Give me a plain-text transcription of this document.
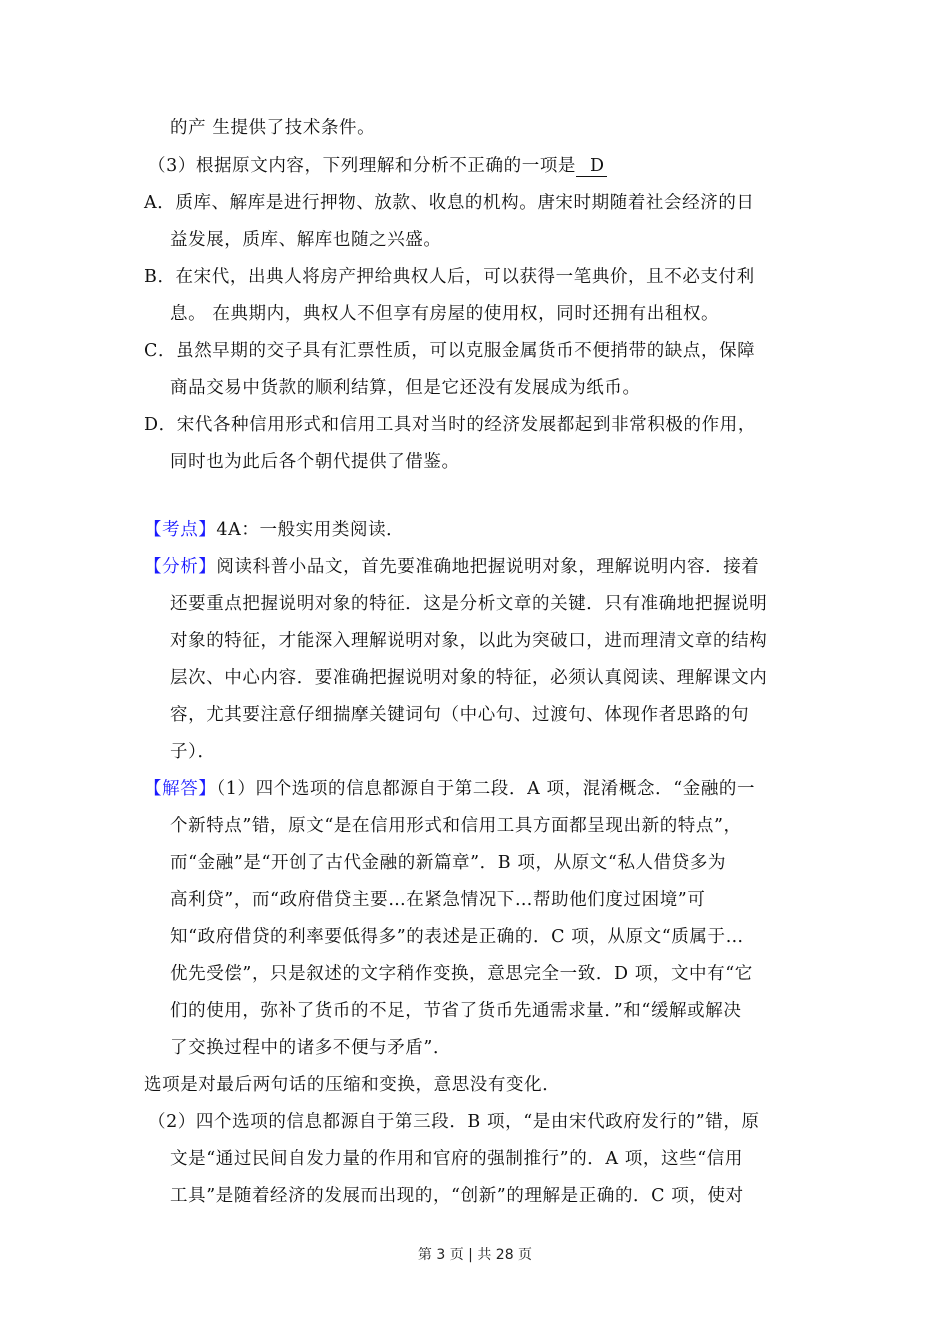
的产 生提供了技术条件。
（3）根据原文内容，下列理解和分析不正确的一项是 D
A．质库、解库是进行押物、放款、收息的机构。唐宋时期随着社会经济的日
益发展，质库、解库也随之兴盛。
B．在宋代，出典人将房产押给典权人后，可以获得一笔典价，且不必支付利
息。 在典期内，典权人不但享有房屋的使用权，同时还拥有出租权。
C．虽然早期的交子具有汇票性质，可以克服金属货币不便捎带的缺点，保障
商品交易中货款的顺利结算，但是它还没有发展成为纸币。
D．宋代各种信用形式和信用工具对当时的经济发展都起到非常积极的作用，
同时也为此后各个朝代提供了借鉴。
【考点】4A：一般实用类阅读．
【分析】阅读科普小品文，首先要准确地把握说明对象，理解说明内容．接着
还要重点把握说明对象的特征．这是分析文章的关键．只有准确地把握说明
对象的特征，才能深入理解说明对象，以此为突破口，进而理清文章的结构
层次、中心内容．要准确把握说明对象的特征，必须认真阅读、理解课文内
容，尤其要注意仔细揣摩关键词句（中心句、过渡句、体现作者思路的句
子）．
【解答】（1）四个选项的信息都源自于第二段．A 项，混淆概念．“金融的一
个新特点”错，原文“是在信用形式和信用工具方面都呈现出新的特点”，
而“金融”是“开创了古代金融的新篇章”．B 项，从原文“私人借贷多为
高利贷”，而“政府借贷主要…在紧急情况下…帮助他们度过困境”可
知“政府借贷的利率要低得多”的表述是正确的．C 项，从原文“质属于…
优先受偿”，只是叙述的文字稍作变换，意思完全一致．D 项，文中有“它
们的使用，弥补了货币的不足，节省了货币先通需求量．”和“缓解或解决
了交换过程中的诸多不便与矛盾”．
选项是对最后两句话的压缩和变换，意思没有变化．
（2）四个选项的信息都源自于第三段．B 项，“是由宋代政府发行的”错，原
文是“通过民间自发力量的作用和官府的强制推行”的．A 项，这些“信用
工具”是随着经济的发展而出现的，“创新”的理解是正确的．C 项，使对
第 3 页 | 共 28 页
